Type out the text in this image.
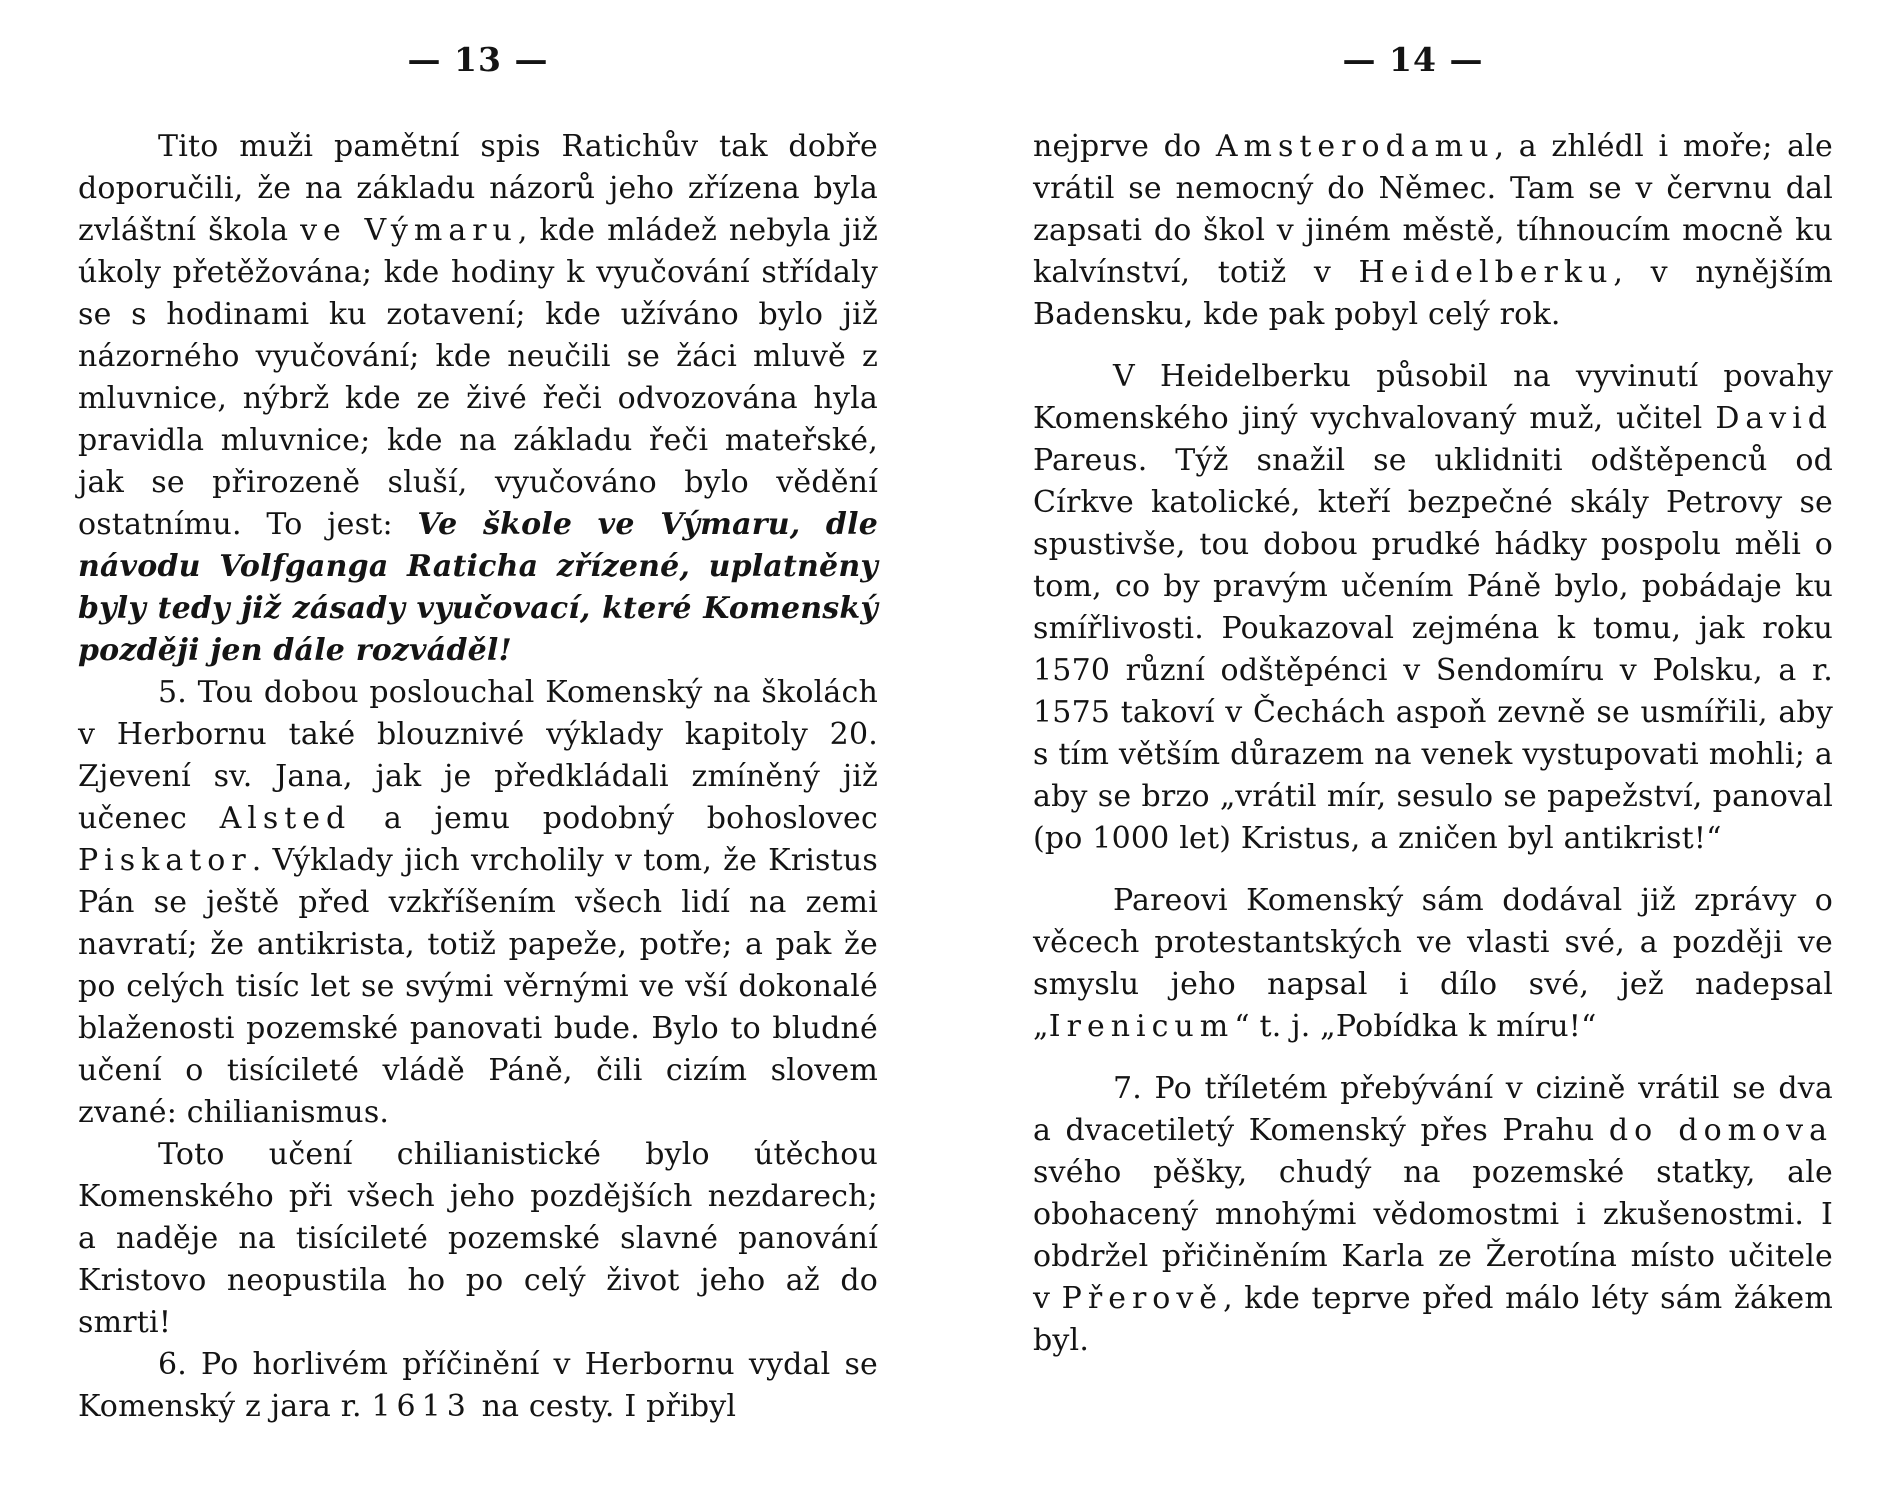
— 13 —

Tito muži pamětní spis Ratichův tak dobře doporučili, že na základu názorů jeho zřízena byla zvláštní škola ve Výmaru, kde mládež nebyla již úkoly přetěžována; kde hodiny k vyučování střídaly se s hodinami ku zotavení; kde užíváno bylo již názorného vyučování; kde neučili se žáci mluvě z mluvnice, nýbrž kde ze živé řeči odvozována hyla pravidla mluvnice; kde na základu řeči mateřské, jak se přirozeně sluší, vyučováno bylo vědění ostatnímu. To jest: Ve škole ve Výmaru, dle návodu Volfganga Raticha zřízené, uplatněny byly tedy již zásady vyučovací, které Komenský později jen dále rozváděl!

5. Tou dobou poslouchal Komenský na školách v Herbornu také blouznivé výklady kapitoly 20. Zjevení sv. Jana, jak je předkládali zmíněný již učenec Alsted a jemu podobný bohoslovec Piskator. Výklady jich vrcholily v tom, že Kristus Pán se ještě před vzkříšením všech lidí na zemi navratí; že antikrista, totiž papeže, potře; a pak že po celých tisíc let se svými věrnými ve vší dokonalé blaženosti pozemské panovati bude. Bylo to bludné učení o tisícileté vládě Páně, čili cizím slovem zvané: chilianismus.

Toto učení chilianistické bylo útěchou Komenského při všech jeho pozdějších nezdarech; a naděje na tisícileté pozemské slavné panování Kristovo neopustila ho po celý život jeho až do smrti!

6. Po horlivém příčinění v Herbornu vydal se Komenský z jara r. 1613 na cesty. I přibyl

— 14 —

nejprve do Amsterodamu, a zhlédl i moře; ale vrátil se nemocný do Němec. Tam se v červnu dal zapsati do škol v jiném městě, tíhnoucím mocně ku kalvínství, totiž v Heidelberku, v nynějším Badensku, kde pak pobyl celý rok.

V Heidelberku působil na vyvinutí povahy Komenského jiný vychvalovaný muž, učitel David Pareus. Týž snažil se uklidniti odštěpenců od Církve katolické, kteří bezpečné skály Petrovy se spustivše, tou dobou prudké hádky pospolu měli o tom, co by pravým učením Páně bylo, pobádaje ku smířlivosti. Poukazoval zejména k tomu, jak roku 1570 různí odštěpénci v Sendomíru v Polsku, a r. 1575 takoví v Čechách aspoň zevně se usmířili, aby s tím větším důrazem na venek vystupovati mohli; a aby se brzo „vrátil mír, sesulo se papežství, panoval (po 1000 let) Kristus, a zničen byl antikrist!“

Pareovi Komenský sám dodával již zprávy o věcech protestantských ve vlasti své, a později ve smyslu jeho napsal i dílo své, jež nadepsal „Irenicum“ t. j. „Pobídka k míru!“

7. Po tříletém přebývání v cizině vrátil se dva a dvacetiletý Komenský přes Prahu do domova svého pěšky, chudý na pozemské statky, ale obohacený mnohými vědomostmi i zkušenostmi. I obdržel přičiněním Karla ze Žerotína místo učitele v Přerově, kde teprve před málo léty sám žákem byl.
